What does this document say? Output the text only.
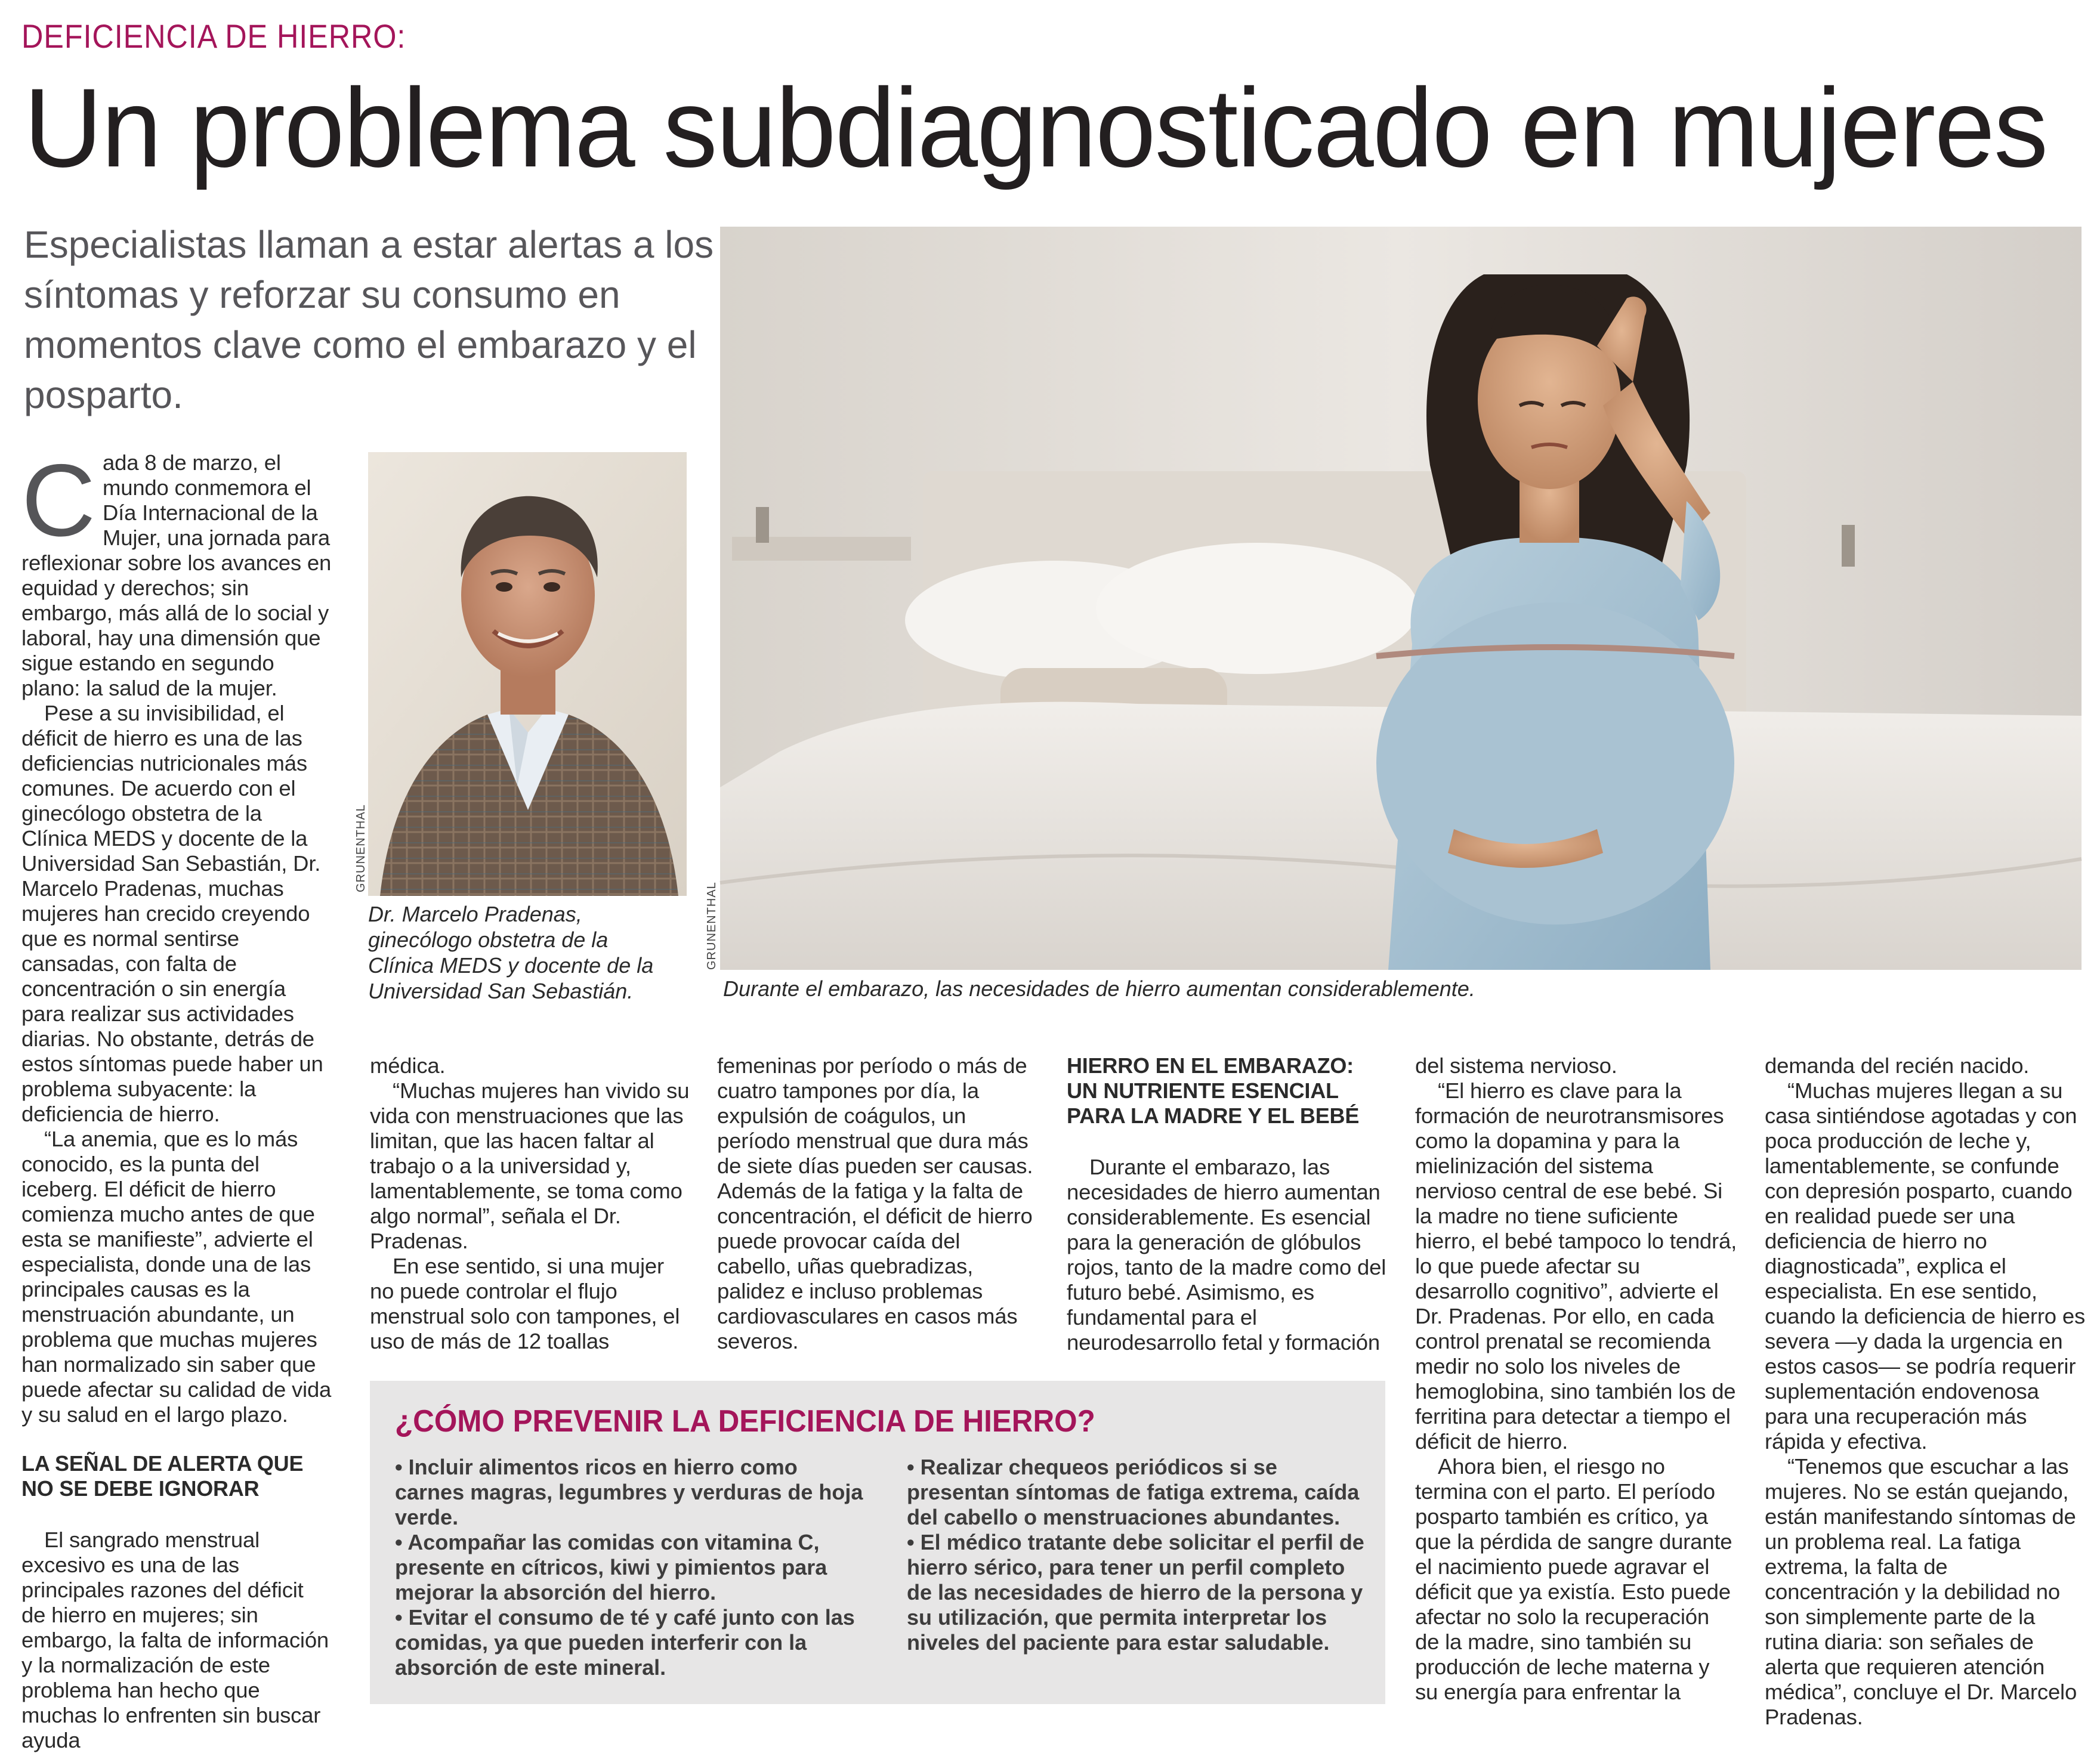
DEFICIENCIA DE HIERRO:
Un problema subdiagnosticado en mujeres
Especialistas llaman a estar alertas a los síntomas y reforzar su consumo en momentos clave como el embarazo y el posparto.
GRUNENTHAL
Dr. Marcelo Pradenas, ginecólogo obstetra de la Clínica MEDS y docente de la Universidad San Sebastián.
GRUNENTHAL
Durante el embarazo, las necesidades de hierro aumentan considerablemente.

Cada 8 de marzo, el mundo conmemora el Día Internacional de la Mujer, una jornada para reflexionar sobre los avances en equidad y derechos; sin embargo, más allá de lo social y laboral, hay una dimensión que sigue estando en segundo plano: la salud de la mujer.

Pese a su invisibilidad, el déficit de hierro es una de las deficiencias nutricionales más comunes. De acuerdo con el ginecólogo obstetra de la Clínica MEDS y docente de la Universidad San Sebastián, Dr. Marcelo Pradenas, muchas mujeres han crecido creyendo que es normal sentirse cansadas, con falta de concentración o sin energía para realizar sus actividades diarias. No obstante, detrás de estos síntomas puede haber un problema subyacente: la deficiencia de hierro.

“La anemia, que es lo más conocido, es la punta del iceberg. El déficit de hierro comienza mucho antes de que esta se manifieste”, advierte el especialista, donde una de las principales causas es la menstruación abundante, un problema que muchas mujeres han normalizado sin saber que puede afectar su calidad de vida y su salud en el largo plazo.

LA SEÑAL DE ALERTA QUE NO SE DEBE IGNORAR

El sangrado menstrual excesivo es una de las principales razones del déficit de hierro en mujeres; sin embargo, la falta de información y la normalización de este problema han hecho que muchas lo enfrenten sin buscar ayuda

médica.

“Muchas mujeres han vivido su vida con menstruaciones que las limitan, que las hacen faltar al trabajo o a la universidad y, lamentablemente, se toma como algo normal”, señala el Dr. Pradenas.

En ese sentido, si una mujer no puede controlar el flujo menstrual solo con tampones, el uso de más de 12 toallas

femeninas por período o más de cuatro tampones por día, la expulsión de coágulos, un período menstrual que dura más de siete días pueden ser causas. Además de la fatiga y la falta de concentración, el déficit de hierro puede provocar caída del cabello, uñas quebradizas, palidez e incluso problemas cardiovasculares en casos más severos.

HIERRO EN EL EMBARAZO: UN NUTRIENTE ESENCIAL PARA LA MADRE Y EL BEBÉ

Durante el embarazo, las necesidades de hierro aumentan considerablemente. Es esencial para la generación de glóbulos rojos, tanto de la madre como del futuro bebé. Asimismo, es fundamental para el neurodesarrollo fetal y formación

del sistema nervioso.

“El hierro es clave para la formación de neurotransmisores como la dopamina y para la mielinización del sistema nervioso central de ese bebé. Si la madre no tiene suficiente hierro, el bebé tampoco lo tendrá, lo que puede afectar su desarrollo cognitivo”, advierte el Dr. Pradenas. Por ello, en cada control prenatal se recomienda medir no solo los niveles de hemoglobina, sino también los de ferritina para detectar a tiempo el déficit de hierro.

Ahora bien, el riesgo no termina con el parto. El período posparto también es crítico, ya que la pérdida de sangre durante el nacimiento puede agravar el déficit que ya existía. Esto puede afectar no solo la recuperación de la madre, sino también su producción de leche materna y su energía para enfrentar la

demanda del recién nacido.

“Muchas mujeres llegan a su casa sintiéndose agotadas y con poca producción de leche y, lamentablemente, se confunde con depresión posparto, cuando en realidad puede ser una deficiencia de hierro no diagnosticada”, explica el especialista. En ese sentido, cuando la deficiencia de hierro es severa —y dada la urgencia en estos casos— se podría requerir suplementación endovenosa para una recuperación más rápida y efectiva.

“Tenemos que escuchar a las mujeres. No se están quejando, están manifestando síntomas de un problema real. La fatiga extrema, la falta de concentración y la debilidad no son simplemente parte de la rutina diaria: son señales de alerta que requieren atención médica”, concluye el Dr. Marcelo Pradenas.

¿CÓMO PREVENIR LA DEFICIENCIA DE HIERRO?
• Incluir alimentos ricos en hierro como carnes magras, legumbres y verduras de hoja verde.
• Acompañar las comidas con vitamina C, presente en cítricos, kiwi y pimientos para mejorar la absorción del hierro.
• Evitar el consumo de té y café junto con las comidas, ya que pueden interferir con la absorción de este mineral.
• Realizar chequeos periódicos si se presentan síntomas de fatiga extrema, caída del cabello o menstruaciones abundantes.
• El médico tratante debe solicitar el perfil de hierro sérico, para tener un perfil completo de las necesidades de hierro de la persona y su utilización, que permita interpretar los niveles del paciente para estar saludable.
